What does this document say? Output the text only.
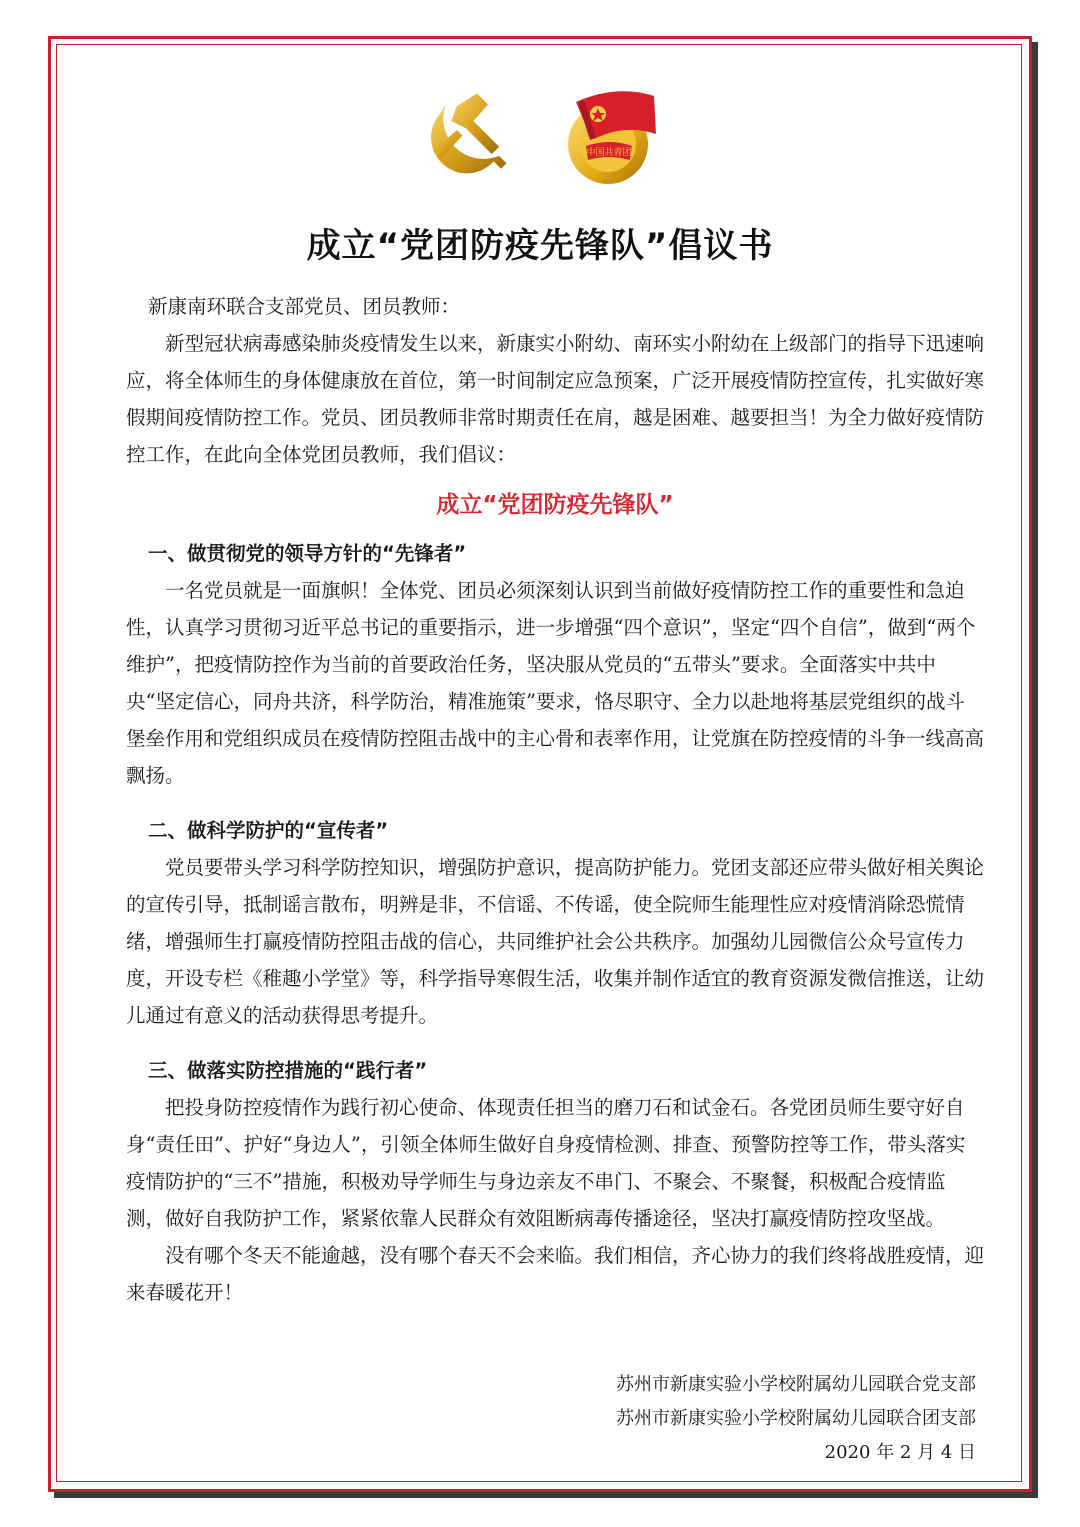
中国共青团
成立“党团防疫先锋队”倡议书

新康南环联合支部党员、团员教师：

新型冠状病毒感染肺炎疫情发生以来，新康实小附幼、南环实小附幼在上级部门的指导下迅速响应，将全体师生的身体健康放在首位，第一时间制定应急预案，广泛开展疫情防控宣传，扎实做好寒假期间疫情防控工作。党员、团员教师非常时期责任在肩，越是困难、越要担当！为全力做好疫情防控工作，在此向全体党团员教师，我们倡议：

成立“党团防疫先锋队”

一、做贯彻党的领导方针的“先锋者”

一名党员就是一面旗帜！全体党、团员必须深刻认识到当前做好疫情防控工作的重要性和急迫性，认真学习贯彻习近平总书记的重要指示，进一步增强“四个意识”，坚定“四个自信”，做到“两个维护”，把疫情防控作为当前的首要政治任务，坚决服从党员的“五带头”要求。全面落实中共中央“坚定信心，同舟共济，科学防治，精准施策”要求，恪尽职守、全力以赴地将基层党组织的战斗堡垒作用和党组织成员在疫情防控阻击战中的主心骨和表率作用，让党旗在防控疫情的斗争一线高高飘扬。

二、做科学防护的“宣传者”

党员要带头学习科学防控知识，增强防护意识，提高防护能力。党团支部还应带头做好相关舆论的宣传引导，抵制谣言散布，明辨是非，不信谣、不传谣，使全院师生能理性应对疫情消除恐慌情绪，增强师生打赢疫情防控阻击战的信心，共同维护社会公共秩序。加强幼儿园微信公众号宣传力度，开设专栏《稚趣小学堂》等，科学指导寒假生活，收集并制作适宜的教育资源发微信推送，让幼儿通过有意义的活动获得思考提升。

三、做落实防控措施的“践行者”

把投身防控疫情作为践行初心使命、体现责任担当的磨刀石和试金石。各党团员师生要守好自身“责任田”、护好“身边人”，引领全体师生做好自身疫情检测、排查、预警防控等工作，带头落实疫情防护的“三不”措施，积极劝导学师生与身边亲友不串门、不聚会、不聚餐，积极配合疫情监测，做好自我防护工作，紧紧依靠人民群众有效阻断病毒传播途径，坚决打赢疫情防控攻坚战。

没有哪个冬天不能逾越，没有哪个春天不会来临。我们相信，齐心协力的我们终将战胜疫情，迎来春暖花开！

苏州市新康实验小学校附属幼儿园联合党支部
苏州市新康实验小学校附属幼儿园联合团支部
2020 年 2 月 4 日
